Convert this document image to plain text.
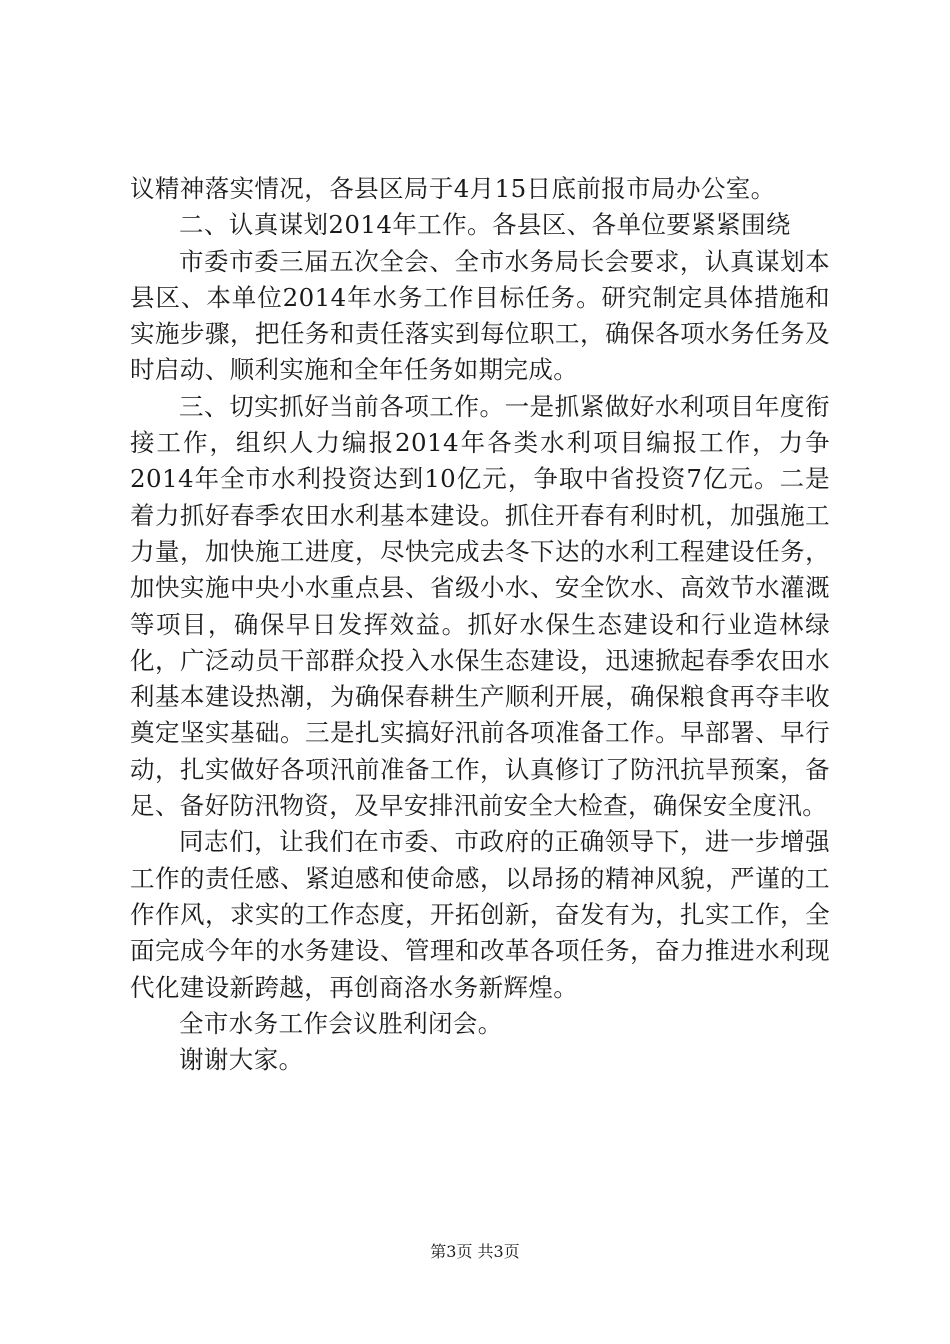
议精神落实情况，各县区局于4月15日底前报市局办公室。

二、认真谋划2014年工作。各县区、各单位要紧紧围绕

市委市委三届五次全会、全市水务局长会要求，认真谋划本县区、本单位2014年水务工作目标任务。研究制定具体措施和实施步骤，把任务和责任落实到每位职工，确保各项水务任务及时启动、顺利实施和全年任务如期完成。

三、切实抓好当前各项工作。一是抓紧做好水利项目年度衔接工作，组织人力编报2014年各类水利项目编报工作，力争2014年全市水利投资达到10亿元，争取中省投资7亿元。二是着力抓好春季农田水利基本建设。抓住开春有利时机，加强施工力量，加快施工进度，尽快完成去冬下达的水利工程建设任务，加快实施中央小水重点县、省级小水、安全饮水、高效节水灌溉等项目，确保早日发挥效益。抓好水保生态建设和行业造林绿化，广泛动员干部群众投入水保生态建设，迅速掀起春季农田水利基本建设热潮，为确保春耕生产顺利开展，确保粮食再夺丰收奠定坚实基础。三是扎实搞好汛前各项准备工作。早部署、早行动，扎实做好各项汛前准备工作，认真修订了防汛抗旱预案，备足、备好防汛物资，及早安排汛前安全大检查，确保安全度汛。

同志们，让我们在市委、市政府的正确领导下，进一步增强工作的责任感、紧迫感和使命感，以昂扬的精神风貌，严谨的工作作风，求实的工作态度，开拓创新，奋发有为，扎实工作，全面完成今年的水务建设、管理和改革各项任务，奋力推进水利现代化建设新跨越，再创商洛水务新辉煌。

全市水务工作会议胜利闭会。

谢谢大家。

第3页 共3页
